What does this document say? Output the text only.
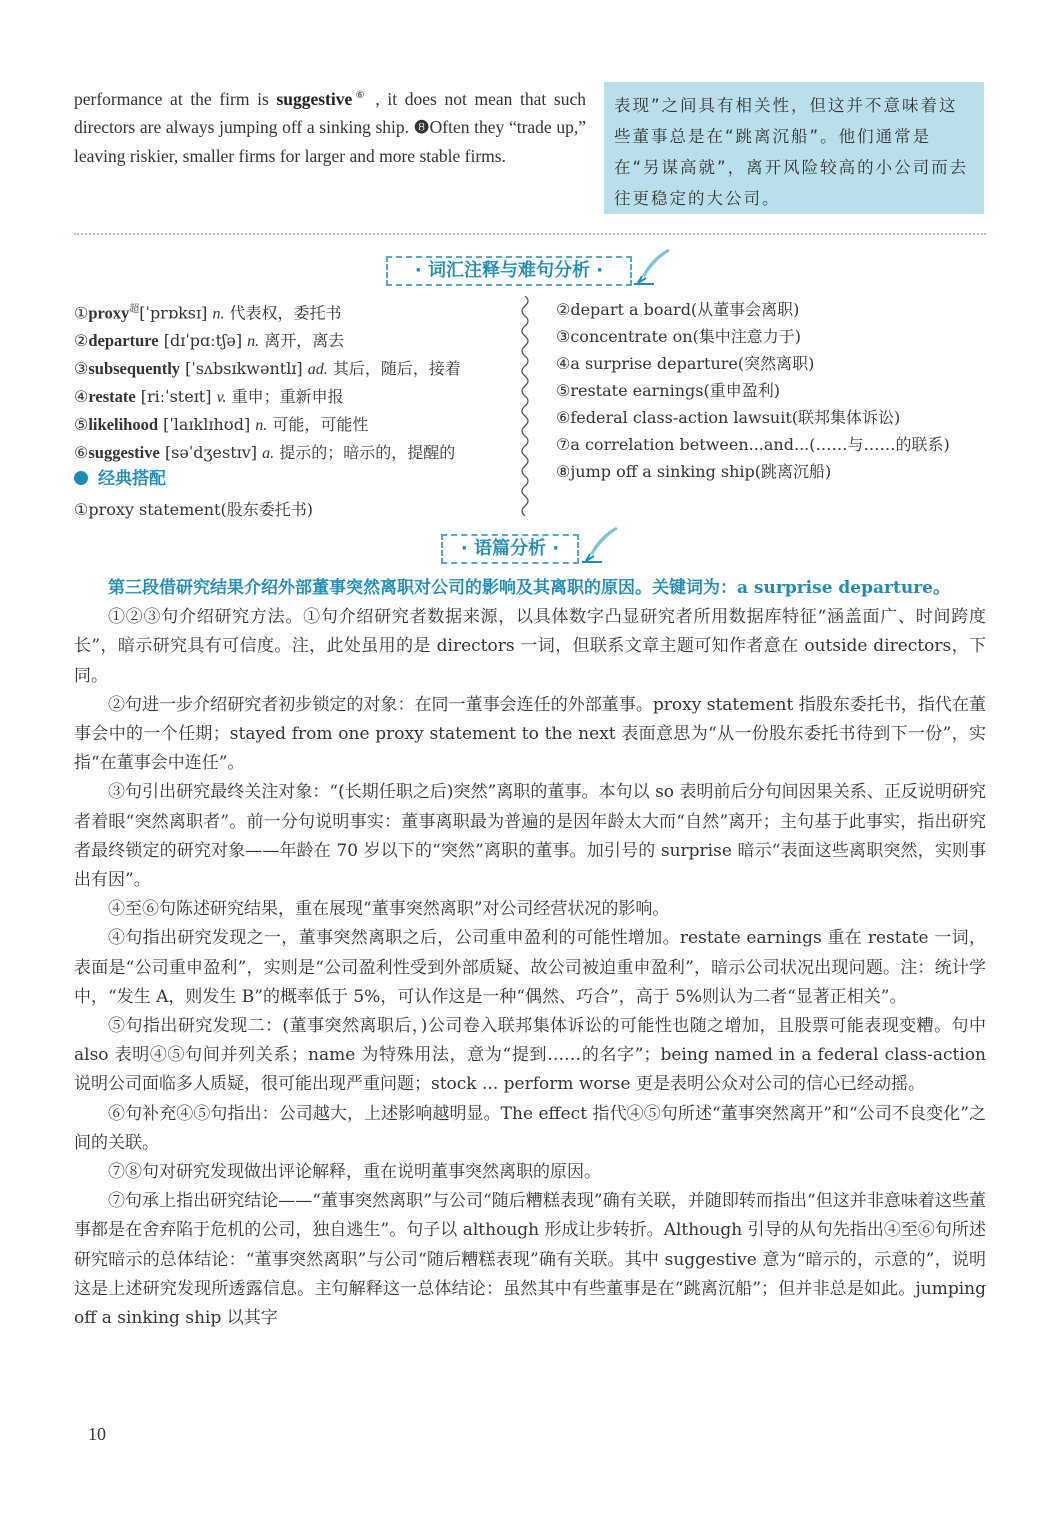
performance at the firm is suggestive⑥ , it does not mean that such directors are always jumping off a sinking ship. ❽Often they “trade up,” leaving riskier, smaller firms for larger and more stable firms.

表现”之间具有相关性，但这并不意味着这些董事总是在“跳离沉船”。他们通常是在“另谋高就”，离开风险较高的小公司而去往更稳定的大公司。
· 词汇注释与难句分析 ·
①proxy$^超$[ˈprɒksɪ] n. 代表权，委托书
②departure [dɪˈpɑːtʃə] n. 离开，离去
③subsequently [ˈsʌbsɪkwəntlɪ] ad. 其后，随后，接着
④restate [riːˈsteɪt] v. 重申；重新申报
⑤likelihood [ˈlaɪklɪhʊd] n. 可能，可能性
⑥suggestive [səˈdʒestɪv] a. 提示的；暗示的，提醒的
②depart a board(从董事会离职)
③concentrate on(集中注意力于)
④a surprise departure(突然离职)
⑤restate earnings(重申盈利)
⑥federal class-action lawsuit(联邦集体诉讼)
⑦a correlation between...and...(……与……的联系)
⑧jump off a sinking ship(跳离沉船)
经典搭配
①proxy statement(股东委托书)
· 语篇分析 ·

第三段借研究结果介绍外部董事突然离职对公司的影响及其离职的原因。关键词为：a surprise departure。

①②③句介绍研究方法。①句介绍研究者数据来源，以具体数字凸显研究者所用数据库特征“涵盖面广、时间跨度长”，暗示研究具有可信度。注，此处虽用的是 directors 一词，但联系文章主题可知作者意在 outside directors，下同。

②句进一步介绍研究者初步锁定的对象：在同一董事会连任的外部董事。proxy statement 指股东委托书，指代在董事会中的一个任期；stayed from one proxy statement to the next 表面意思为“从一份股东委托书待到下一份”，实指“在董事会中连任”。

③句引出研究最终关注对象：“(长期任职之后)突然”离职的董事。本句以 so 表明前后分句间因果关系、正反说明研究者着眼“突然离职者”。前一分句说明事实：董事离职最为普遍的是因年龄太大而“自然”离开；主句基于此事实，指出研究者最终锁定的研究对象——年龄在 70 岁以下的“突然”离职的董事。加引号的 surprise 暗示“表面这些离职突然，实则事出有因”。

④至⑥句陈述研究结果，重在展现“董事突然离职”对公司经营状况的影响。

④句指出研究发现之一，董事突然离职之后，公司重申盈利的可能性增加。restate earnings 重在 restate 一词，表面是“公司重申盈利”，实则是“公司盈利性受到外部质疑、故公司被迫重申盈利”，暗示公司状况出现问题。注：统计学中，“发生 A，则发生 B”的概率低于 5%，可认作这是一种“偶然、巧合”，高于 5%则认为二者“显著正相关”。

⑤句指出研究发现二：(董事突然离职后，)公司卷入联邦集体诉讼的可能性也随之增加，且股票可能表现变糟。句中 also 表明④⑤句间并列关系；name 为特殊用法，意为“提到……的名字”；being named in a federal class-action 说明公司面临多人质疑，很可能出现严重问题；stock ... perform worse 更是表明公众对公司的信心已经动摇。

⑥句补充④⑤句指出：公司越大，上述影响越明显。The effect 指代④⑤句所述“董事突然离开”和“公司不良变化”之间的关联。

⑦⑧句对研究发现做出评论解释，重在说明董事突然离职的原因。

⑦句承上指出研究结论——“董事突然离职”与公司“随后糟糕表现”确有关联，并随即转而指出“但这并非意味着这些董事都是在舍弃陷于危机的公司，独自逃生”。句子以 although 形成让步转折。Although 引导的从句先指出④至⑥句所述研究暗示的总体结论：“董事突然离职”与公司“随后糟糕表现”确有关联。其中 suggestive 意为“暗示的，示意的”，说明这是上述研究发现所透露信息。主句解释这一总体结论：虽然其中有些董事是在“跳离沉船”；但并非总是如此。jumping off a sinking ship 以其字

10
